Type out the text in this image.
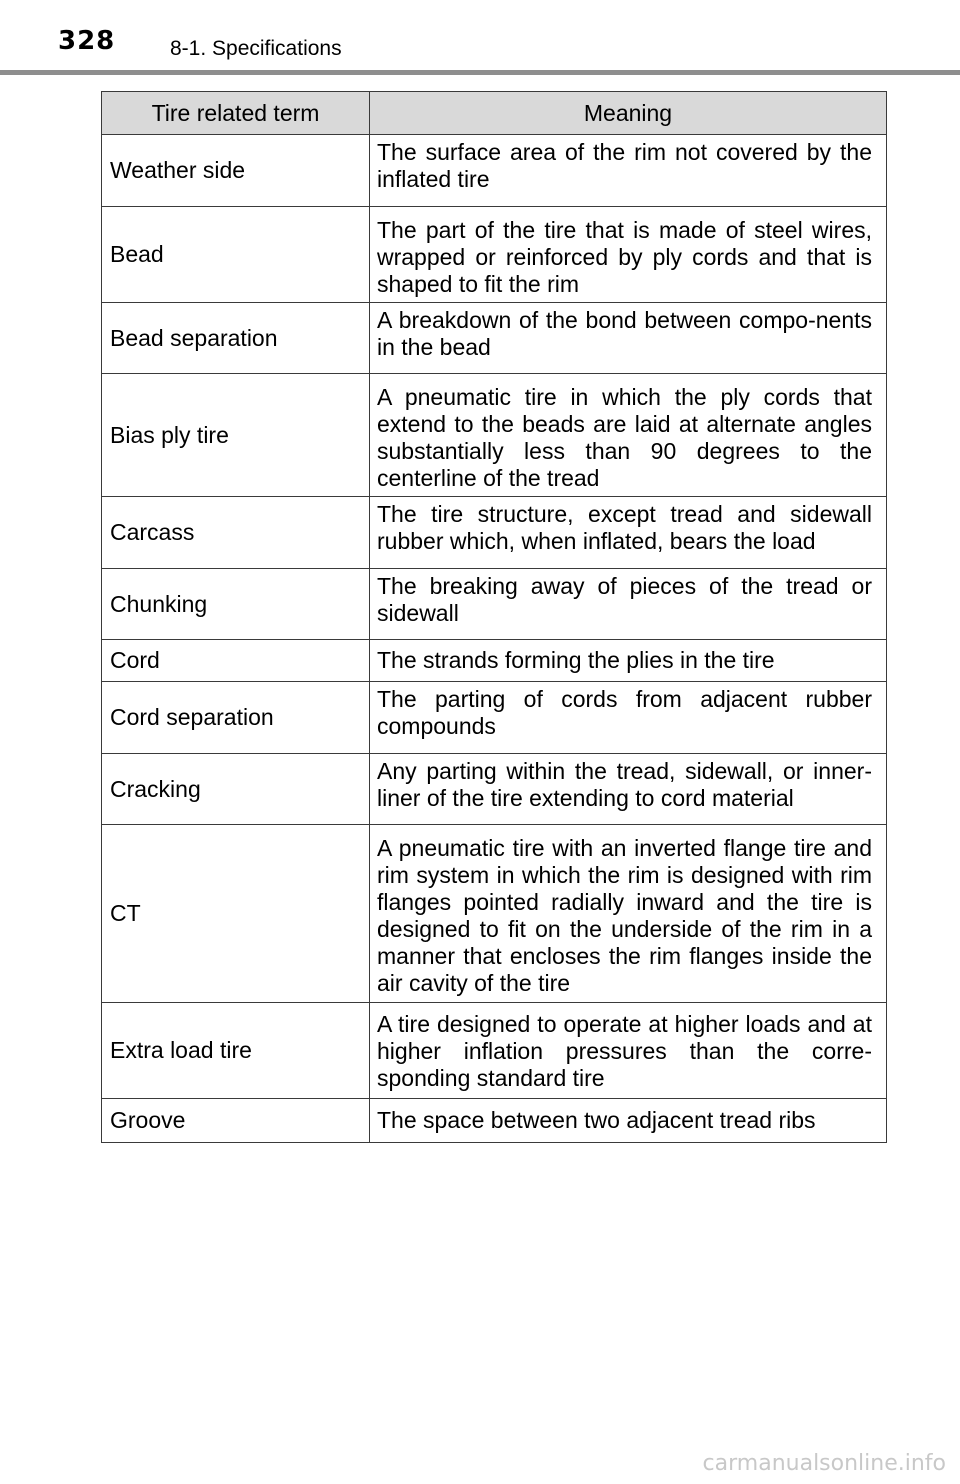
328	8-1. Specifications
Tire related term	Meaning
Weather side	The surface area of the rim not covered by the inflated tire
Bead	The part of the tire that is made of steel wires, wrapped or reinforced by ply cords and that is shaped to fit the rim
Bead separation	A breakdown of the bond between compo-nents in the bead
Bias ply tire	A pneumatic tire in which the ply cords that extend to the beads are laid at alternate angles substantially less than 90 degrees to the centerline of the tread
Carcass	The tire structure, except tread and sidewall rubber which, when inflated, bears the load
Chunking	The breaking away of pieces of the tread or sidewall
Cord	The strands forming the plies in the tire
Cord separation	The parting of cords from adjacent rubber compounds
Cracking	Any parting within the tread, sidewall, or inner-liner of the tire extending to cord material
CT	A pneumatic tire with an inverted flange tire and rim system in which the rim is designed with rim flanges pointed radially inward and the tire is designed to fit on the underside of the rim in a manner that encloses the rim flanges inside the air cavity of the tire
Extra load tire	A tire designed to operate at higher loads and at higher inflation pressures than the corre-sponding standard tire
Groove	The space between two adjacent tread ribs
carmanualsonline.info
